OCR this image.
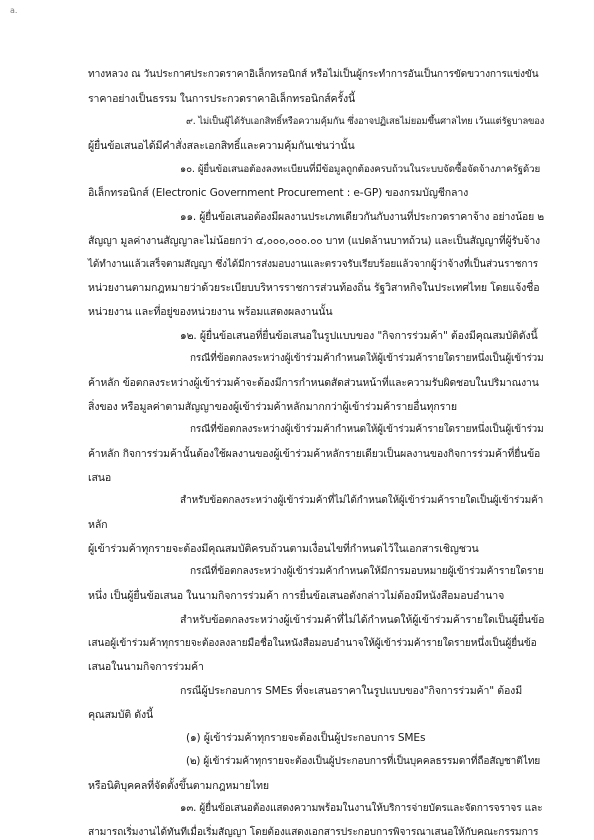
a.
ทางหลวง ณ วันประกาศประกวดราคาอิเล็กทรอนิกส์ หรือไม่เป็นผู้กระทำการอันเป็นการขัดขวางการแข่งขัน
ราคาอย่างเป็นธรรม ในการประกวดราคาอิเล็กทรอนิกส์ครั้งนี้
๙. ไม่เป็นผู้ได้รับเอกสิทธิ์หรือความคุ้มกัน ซึ่งอาจปฏิเสธไม่ยอมขึ้นศาลไทย เว้นแต่รัฐบาลของ
ผู้ยื่นข้อเสนอได้มีคำสั่งสละเอกสิทธิ์และความคุ้มกันเช่นว่านั้น
๑๐. ผู้ยื่นข้อเสนอต้องลงทะเบียนที่มีข้อมูลถูกต้องครบถ้วนในระบบจัดซื้อจัดจ้างภาครัฐด้วย
อิเล็กทรอนิกส์ (Electronic Government Procurement : e-GP) ของกรมบัญชีกลาง
๑๑. ผู้ยื่นข้อเสนอต้องมีผลงานประเภทเดียวกันกับงานที่ประกวดราคาจ้าง อย่างน้อย ๒
สัญญา มูลค่างานสัญญาละไม่น้อยกว่า ๔,๐๐๐,๐๐๐.๐๐ บาท (แปดล้านบาทถ้วน) และเป็นสัญญาที่ผู้รับจ้าง
ได้ทำงานแล้วเสร็จตามสัญญา ซึ่งได้มีการส่งมอบงานและตรวจรับเรียบร้อยแล้วจากผู้ว่าจ้างที่เป็นส่วนราชการ
หน่วยงานตามกฎหมายว่าด้วยระเบียบบริหารราชการส่วนท้องถิ่น รัฐวิสาหกิจในประเทศไทย โดยแจ้งชื่อ
หน่วยงาน และที่อยู่ของหน่วยงาน พร้อมแสดงผลงานนั้น
๑๒. ผู้ยื่นข้อเสนอที่ยื่นข้อเสนอในรูปแบบของ "กิจการร่วมค้า" ต้องมีคุณสมบัติดังนี้
กรณีที่ข้อตกลงระหว่างผู้เข้าร่วมค้ากำหนดให้ผู้เข้าร่วมค้ารายใดรายหนึ่งเป็นผู้เข้าร่วม
ค้าหลัก ข้อตกลงระหว่างผู้เข้าร่วมค้าจะต้องมีการกำหนดสัดส่วนหน้าที่และความรับผิดชอบในปริมาณงาน
สิ่งของ หรือมูลค่าตามสัญญาของผู้เข้าร่วมค้าหลักมากกว่าผู้เข้าร่วมค้ารายอื่นทุกราย
กรณีที่ข้อตกลงระหว่างผู้เข้าร่วมค้ากำหนดให้ผู้เข้าร่วมค้ารายใดรายหนึ่งเป็นผู้เข้าร่วม
ค้าหลัก กิจการร่วมค้านั้นต้องใช้ผลงานของผู้เข้าร่วมค้าหลักรายเดียวเป็นผลงานของกิจการร่วมค้าที่ยื่นข้อ
เสนอ
สำหรับข้อตกลงระหว่างผู้เข้าร่วมค้าที่ไม่ได้กำหนดให้ผู้เข้าร่วมค้ารายใดเป็นผู้เข้าร่วมค้า
หลัก
ผู้เข้าร่วมค้าทุกรายจะต้องมีคุณสมบัติครบถ้วนตามเงื่อนไขที่กำหนดไว้ในเอกสารเชิญชวน
กรณีที่ข้อตกลงระหว่างผู้เข้าร่วมค้ากำหนดให้มีการมอบหมายผู้เข้าร่วมค้ารายใดราย
หนึ่ง เป็นผู้ยื่นข้อเสนอ ในนามกิจการร่วมค้า การยื่นข้อเสนอดังกล่าวไม่ต้องมีหนังสือมอบอำนาจ
สำหรับข้อตกลงระหว่างผู้เข้าร่วมค้าที่ไม่ได้กำหนดให้ผู้เข้าร่วมค้ารายใดเป็นผู้ยื่นข้อ
เสนอผู้เข้าร่วมค้าทุกรายจะต้องลงลายมือชื่อในหนังสือมอบอำนาจให้ผู้เข้าร่วมค้ารายใดรายหนึ่งเป็นผู้ยื่นข้อ
เสนอในนามกิจการร่วมค้า
กรณีผู้ประกอบการ SMEs ที่จะเสนอราคาในรูปแบบของ"กิจการร่วมค้า" ต้องมี
คุณสมบัติ ดังนี้
(๑) ผู้เข้าร่วมค้าทุกรายจะต้องเป็นผู้ประกอบการ SMEs
(๒) ผู้เข้าร่วมค้าทุกรายจะต้องเป็นผู้ประกอบการที่เป็นบุคคลธรรมดาที่ถือสัญชาติไทย
หรือนิติบุคคลที่จัดตั้งขึ้นตามกฎหมายไทย
๑๓. ผู้ยื่นข้อเสนอต้องแสดงความพร้อมในงานให้บริการจ่ายบัตรและจัดการจราจร และ
สามารถเริ่มงานได้ทันทีเมื่อเริ่มสัญญา โดยต้องแสดงเอกสารประกอบการพิจารณาเสนอให้กับคณะกรรมการ
